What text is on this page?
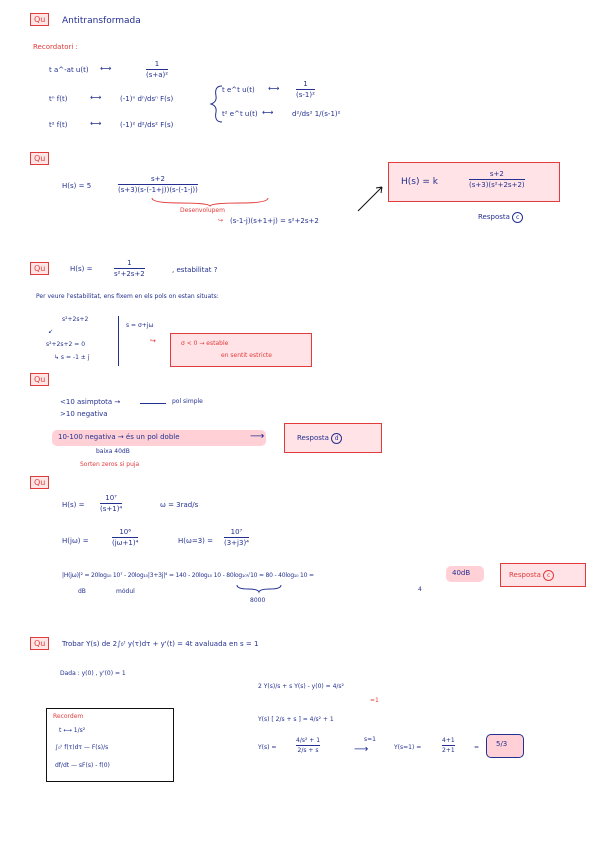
Qu	Antitransformada
Recordatori :
t a^-at u(t) ⟷	1
(s+a)²
tⁿ f(t)	⟷	(-1)ⁿ dⁿ/dsⁿ F(s)
t² f(t)	⟷	(-1)² d²/ds² F(s)
t e^t u(t) ⟷	1
(s-1)²
t² e^t u(t) ⟷	d²/ds² 1/(s-1)²
Qu
H(s) = 5
s+2
(s+3)(s-(-1+j))(s-(-1-j))
Desenvolupem
↪ (s-1-j)(s+1+j) = s²+2s+2
H(s) = k
s+2
(s+3)(s²+2s+2)
Resposta c
Qu	H(s) =
1
s²+2s+2	, estabilitat ?
Per veure l'estabilitat, ens fixem en els pols on estan situats:
s²+2s+2
↙
s²+2s+2 = 0
↳ s = -1 ± j
s = σ+jω
↪	σ < 0 → estable
en sentit estricte
Qu
<10 asimptota →	pol simple
>10 negativa
10-100 negativa → és un pol doble	⟶	Resposta d
baixa 40dB
Sorten zeros si puja
Qu
H(s) =
10⁷
(s+1)⁴	ω = 3rad/s
H(jω) =
10⁶
(jω+1)⁴	H(ω=3) =
10⁷
(3+j3)⁴
|H(jω)|² = 20log₁₀ 10⁷ - 20log₁₀|3+3j|⁴ = 140 - 20log₁₀ 10 - 80log₁₀√10 = 80 - 40log₁₀ 10 =
dB
40dB
módul
8000
4
Resposta c
Qu	Trobar Y(s) de 2∫₀ᵗ y(τ)dτ + y'(t) = 4t avaluada en s = 1
Dada : y(0) , y'(0) = 1
2 Y(s)/s + s Y(s) - y(0) = 4/s²
=1
Y(s) [ 2/s + s ] = 4/s² + 1
Y(s) =
4/s² + 1
2/s + s
s=1
⟶	Y(s=1) =
4+1
2+1	= 5/3
Recordem
t ⟷ 1/s²
∫₀ᵗ f(τ)dτ — F(s)/s
df/dt — sF(s) - f(0)
